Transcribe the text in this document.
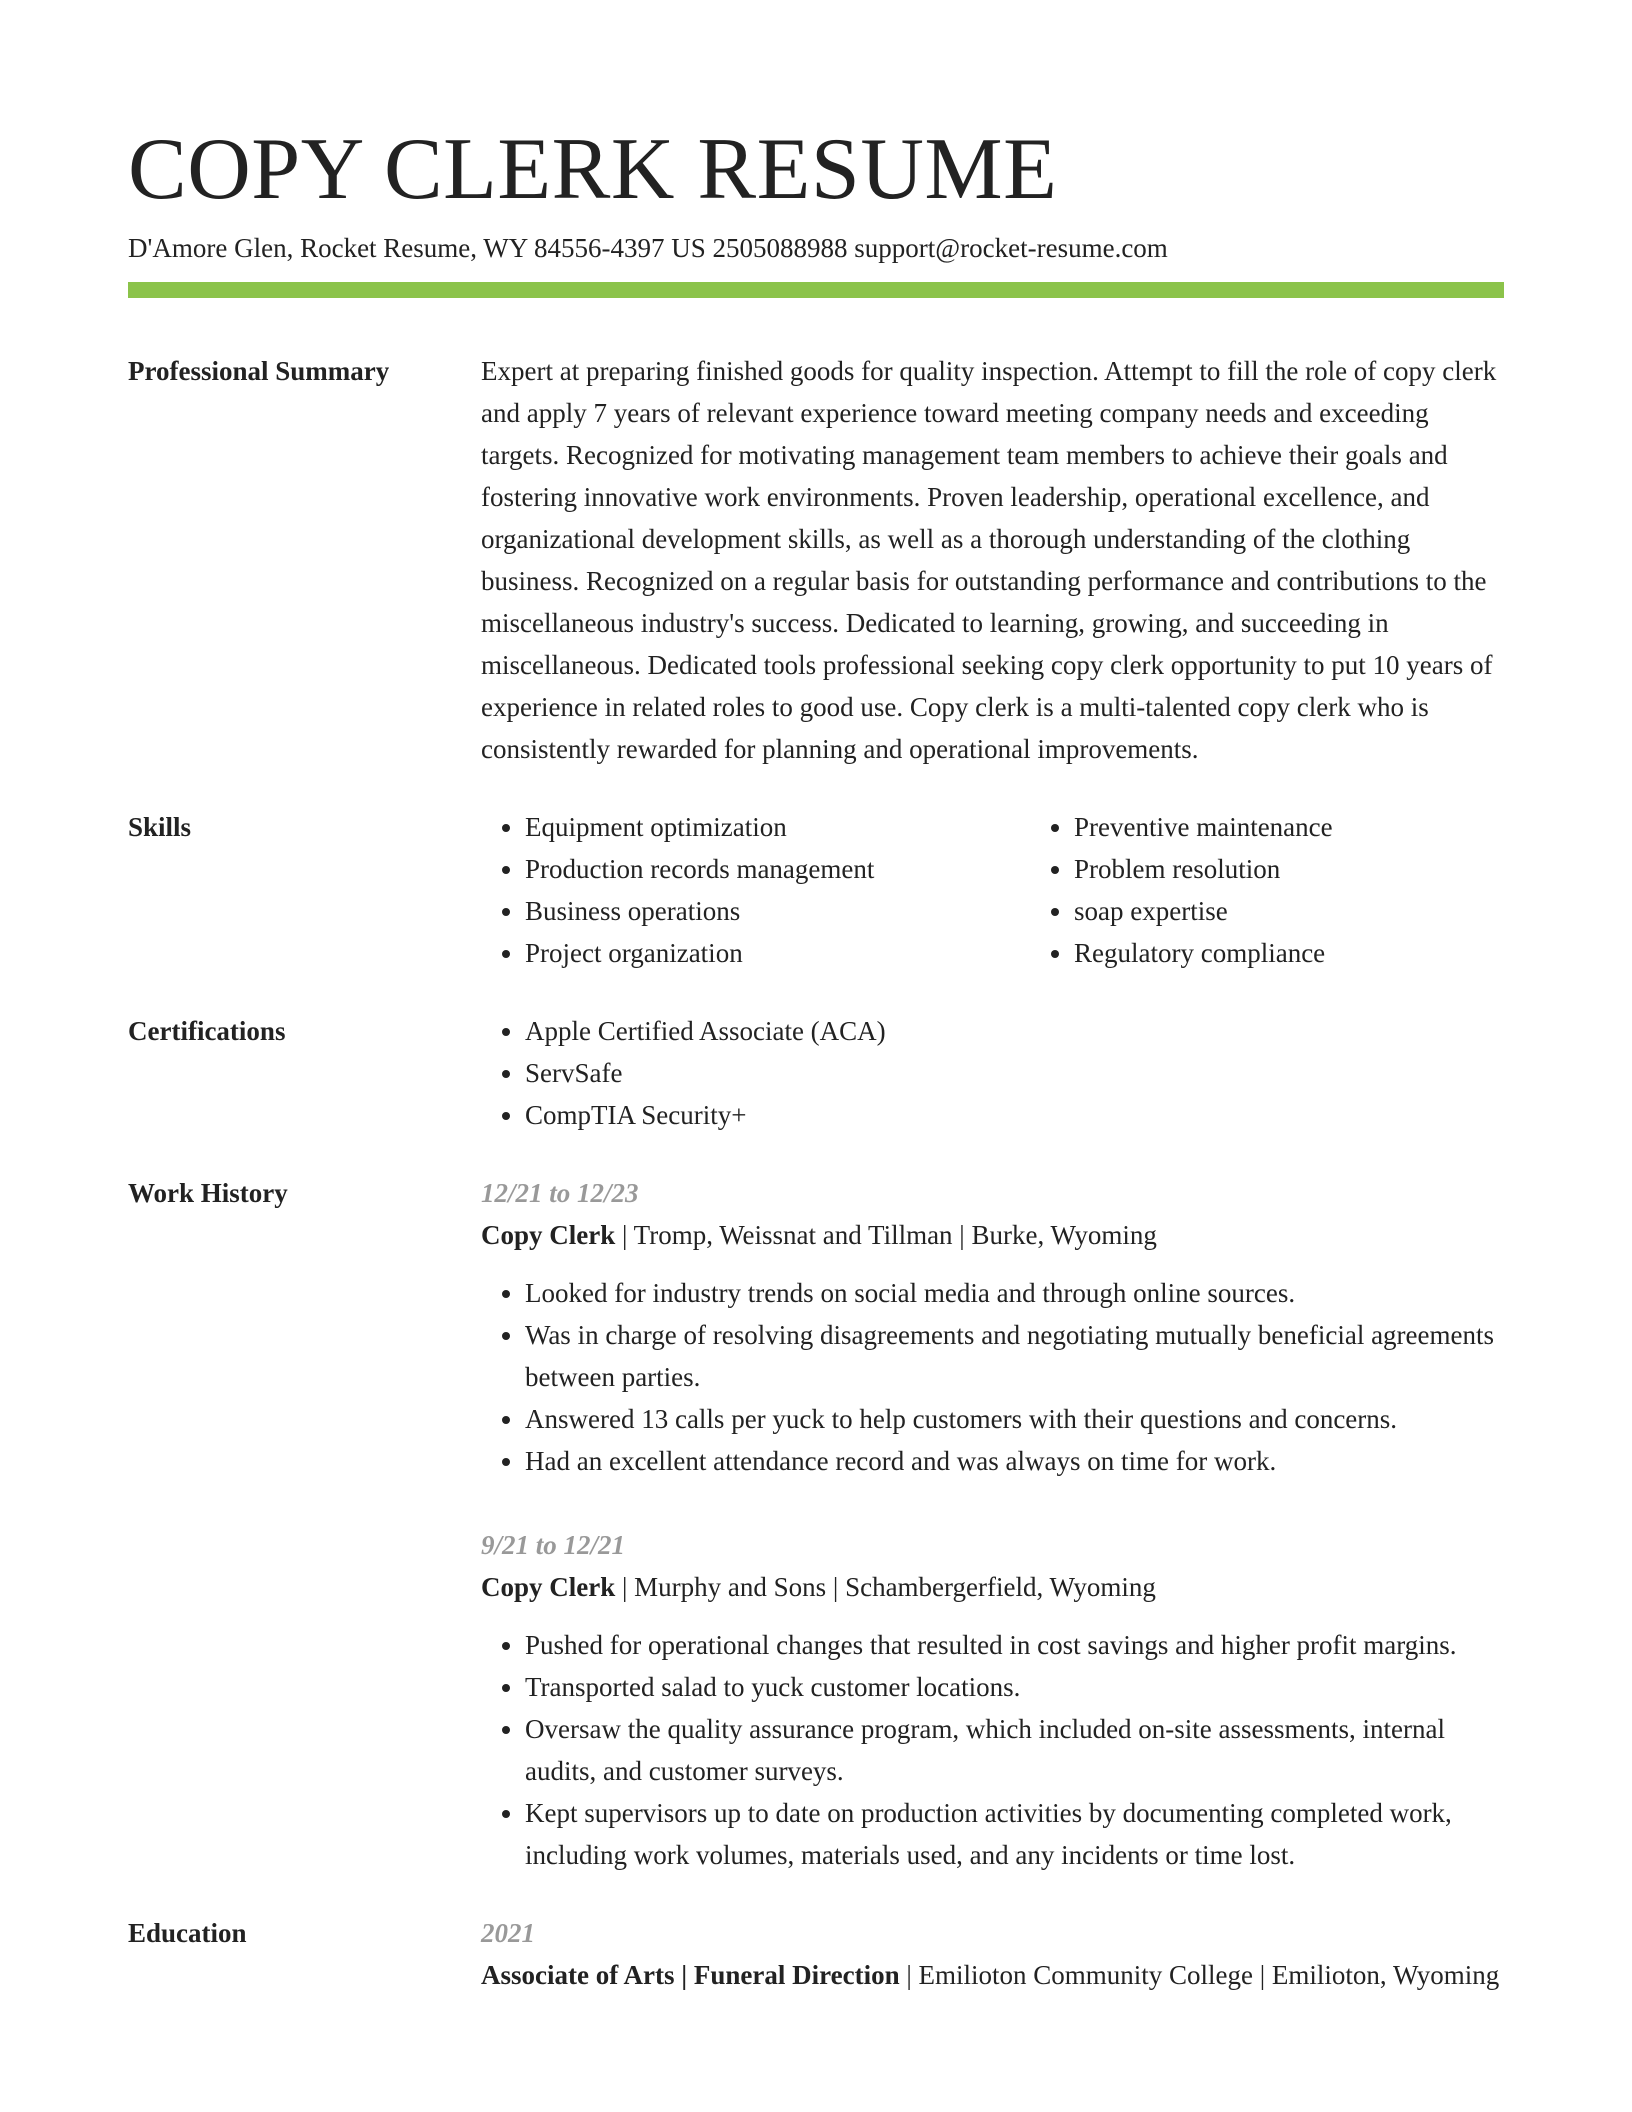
COPY CLERK RESUME
D'Amore Glen, Rocket Resume, WY 84556-4397 US 2505088988 support@rocket-resume.com
Professional Summary	Expert at preparing finished goods for quality inspection. Attempt to fill the role of copy clerk and apply 7 years of relevant experience toward meeting company needs and exceeding targets. Recognized for motivating management team members to achieve their goals and fostering innovative work environments. Proven leadership, operational excellence, and organizational development skills, as well as a thorough understanding of the clothing business. Recognized on a regular basis for outstanding performance and contributions to the miscellaneous industry's success. Dedicated to learning, growing, and succeeding in miscellaneous. Dedicated tools professional seeking copy clerk opportunity to put 10 years of experience in related roles to good use. Copy clerk is a multi-talented copy clerk who is consistently rewarded for planning and operational improvements.

Skills	• Equipment optimization
• Production records management
• Business operations
• Project organization
• Preventive maintenance
• Problem resolution
• soap expertise
• Regulatory compliance
Certifications	• Apple Certified Associate (ACA)
• ServSafe
• CompTIA Security+
Work History	12/21 to 12/23
Copy Clerk | Tromp, Weissnat and Tillman | Burke, Wyoming
• Looked for industry trends on social media and through online sources.
• Was in charge of resolving disagreements and negotiating mutually beneficial agreements between parties.
• Answered 13 calls per yuck to help customers with their questions and concerns.
• Had an excellent attendance record and was always on time for work.
9/21 to 12/21
Copy Clerk | Murphy and Sons | Schambergerfield, Wyoming
• Pushed for operational changes that resulted in cost savings and higher profit margins.
• Transported salad to yuck customer locations.
• Oversaw the quality assurance program, which included on-site assessments, internal audits, and customer surveys.
• Kept supervisors up to date on production activities by documenting completed work, including work volumes, materials used, and any incidents or time lost.
Education	2021
Associate of Arts | Funeral Direction | Emilioton Community College | Emilioton, Wyoming
